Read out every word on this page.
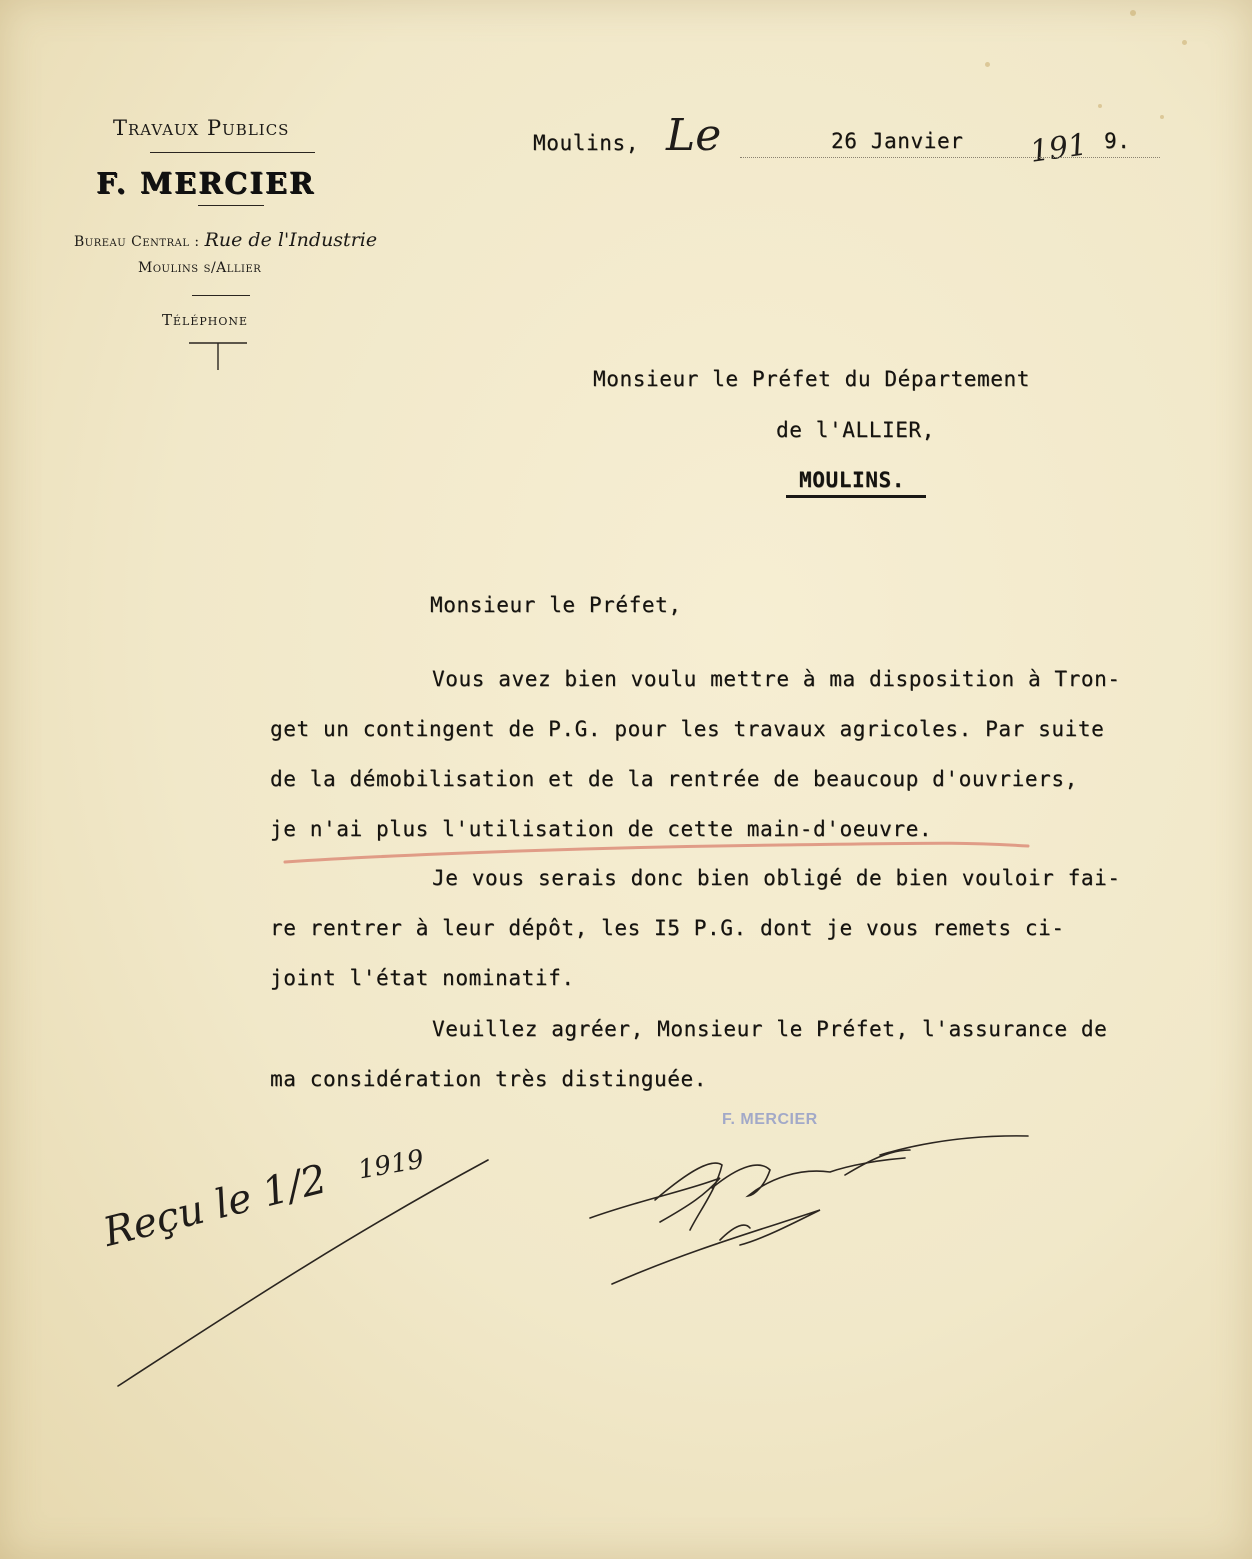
Travaux Publics
F. MERCIER
Bureau Central : Rue de l'Industrie
Moulins s/Allier
Téléphone
Moulins, Le	26 Janvier 191 9.
Monsieur le Préfet du Département
de l'ALLIER,
MOULINS.
Monsieur le Préfet,
Vous avez bien voulu mettre à ma disposition à Tron-
get un contingent de P.G. pour les travaux agricoles. Par suite
de la démobilisation et de la rentrée de beaucoup d'ouvriers,
je n'ai plus l'utilisation de cette main-d'oeuvre.
Je vous serais donc bien obligé de bien vouloir fai-
re rentrer à leur dépôt, les I5 P.G. dont je vous remets ci-
joint l'état nominatif.
Veuillez agréer, Monsieur le Préfet, l'assurance de
ma considération très distinguée.
F. MERCIER
Reçu le 1/2 1919
